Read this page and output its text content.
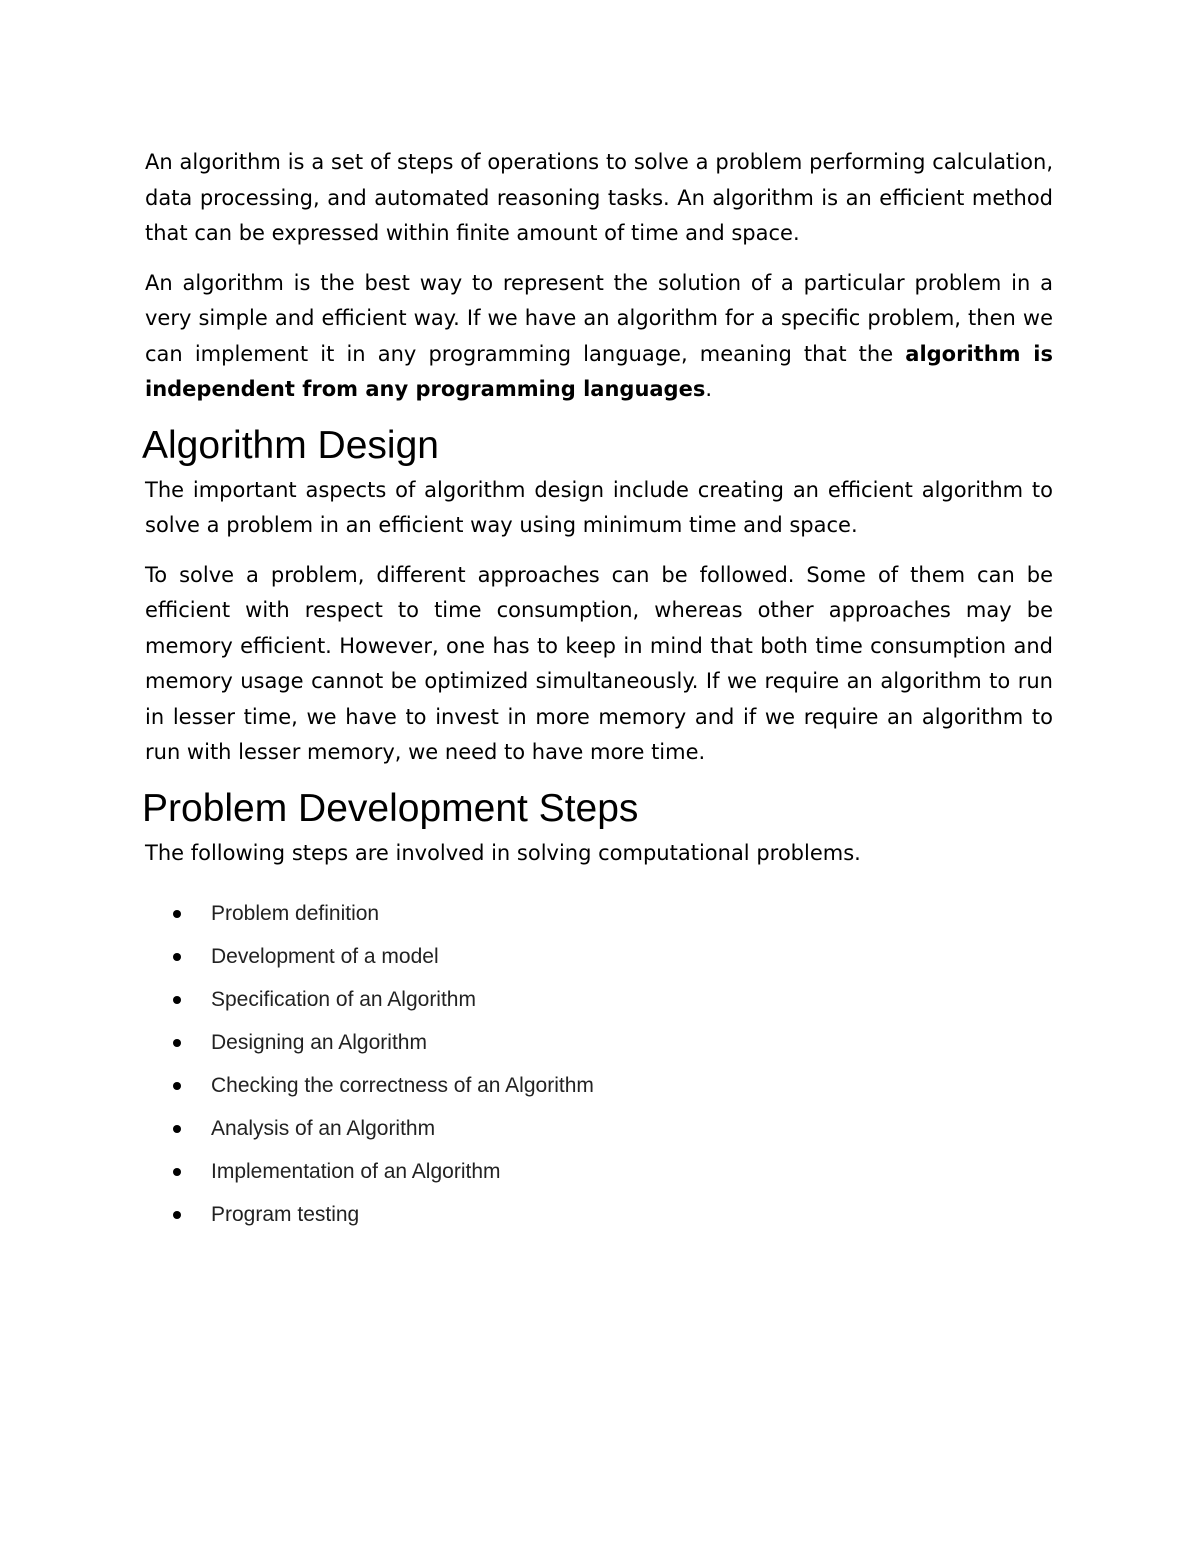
An algorithm is a set of steps of operations to solve a problem performing calculation, data processing, and automated reasoning tasks. An algorithm is an efficient method that can be expressed within finite amount of time and space.

An algorithm is the best way to represent the solution of a particular problem in a very simple and efficient way. If we have an algorithm for a specific problem, then we can implement it in any programming language, meaning that the algorithm is independent from any programming languages.

Algorithm Design

The important aspects of algorithm design include creating an efficient algorithm to solve a problem in an efficient way using minimum time and space.

To solve a problem, different approaches can be followed. Some of them can be efficient with respect to time consumption, whereas other approaches may be memory efficient. However, one has to keep in mind that both time consumption and memory usage cannot be optimized simultaneously. If we require an algorithm to run in lesser time, we have to invest in more memory and if we require an algorithm to run with lesser memory, we need to have more time.

Problem Development Steps

The following steps are involved in solving computational problems.

Problem definition
Development of a model
Specification of an Algorithm
Designing an Algorithm
Checking the correctness of an Algorithm
Analysis of an Algorithm
Implementation of an Algorithm
Program testing
